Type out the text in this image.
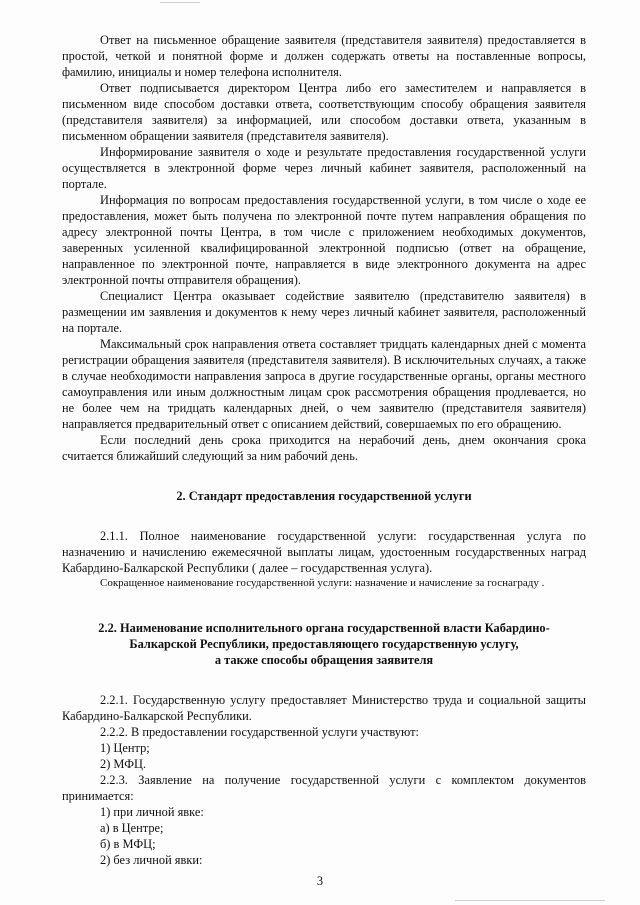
Ответ на письменное обращение заявителя (представителя заявителя) предоставляется в простой, четкой и понятной форме и должен содержать ответы на поставленные вопросы, фамилию, инициалы и номер телефона исполнителя.

Ответ подписывается директором Центра либо его заместителем и направляется в письменном виде способом доставки ответа, соответствующим способу обращения заявителя (представителя заявителя) за информацией, или способом доставки ответа, указанным в письменном обращении заявителя (представителя заявителя).

Информирование заявителя о ходе и результате предоставления государственной услуги осуществляется в электронной форме через личный кабинет заявителя, расположенный на портале.

Информация по вопросам предоставления государственной услуги, в том числе о ходе ее предоставления, может быть получена по электронной почте путем направления обращения по адресу электронной почты Центра, в том числе с приложением необходимых документов, заверенных усиленной квалифицированной электронной подписью (ответ на обращение, направленное по электронной почте, направляется в виде электронного документа на адрес электронной почты отправителя обращения).

Специалист Центра оказывает содействие заявителю (представителю заявителя) в размещении им заявления и документов к нему через личный кабинет заявителя, расположенный на портале.

Максимальный срок направления ответа составляет тридцать календарных дней с момента регистрации обращения заявителя (представителя заявителя). В исключительных случаях, а также в случае необходимости направления запроса в другие государственные органы, органы местного самоуправления или иным должностным лицам срок рассмотрения обращения продлевается, но не более чем на тридцать календарных дней, о чем заявителю (представителя заявителя) направляется предварительный ответ с описанием действий, совершаемых по его обращению.

Если последний день срока приходится на нерабочий день, днем окончания срока считается ближайший следующий за ним рабочий день.

2. Стандарт предоставления государственной услуги

2.1.1. Полное наименование государственной услуги: государственная услуга по назначению и начислению ежемесячной выплаты лицам, удостоенным государственных наград Кабардино-Балкарской Республики ( далее – государственная услуга).

Сокращенное наименование государственной услуги: назначение и начисление за госнаграду .

2.2. Наименование исполнительного органа государственной власти Кабардино-
Балкарской Республики, предоставляющего государственную услугу,
а также способы обращения заявителя

2.2.1. Государственную услугу предоставляет Министерство труда и социальной защиты Кабардино-Балкарской Республики.

2.2.2. В предоставлении государственной услуги участвуют:

1) Центр;

2) МФЦ.

2.2.3. Заявление на получение государственной услуги с комплектом документов принимается:

1) при личной явке:

а) в Центре;

б) в МФЦ;

2) без личной явки:

3
